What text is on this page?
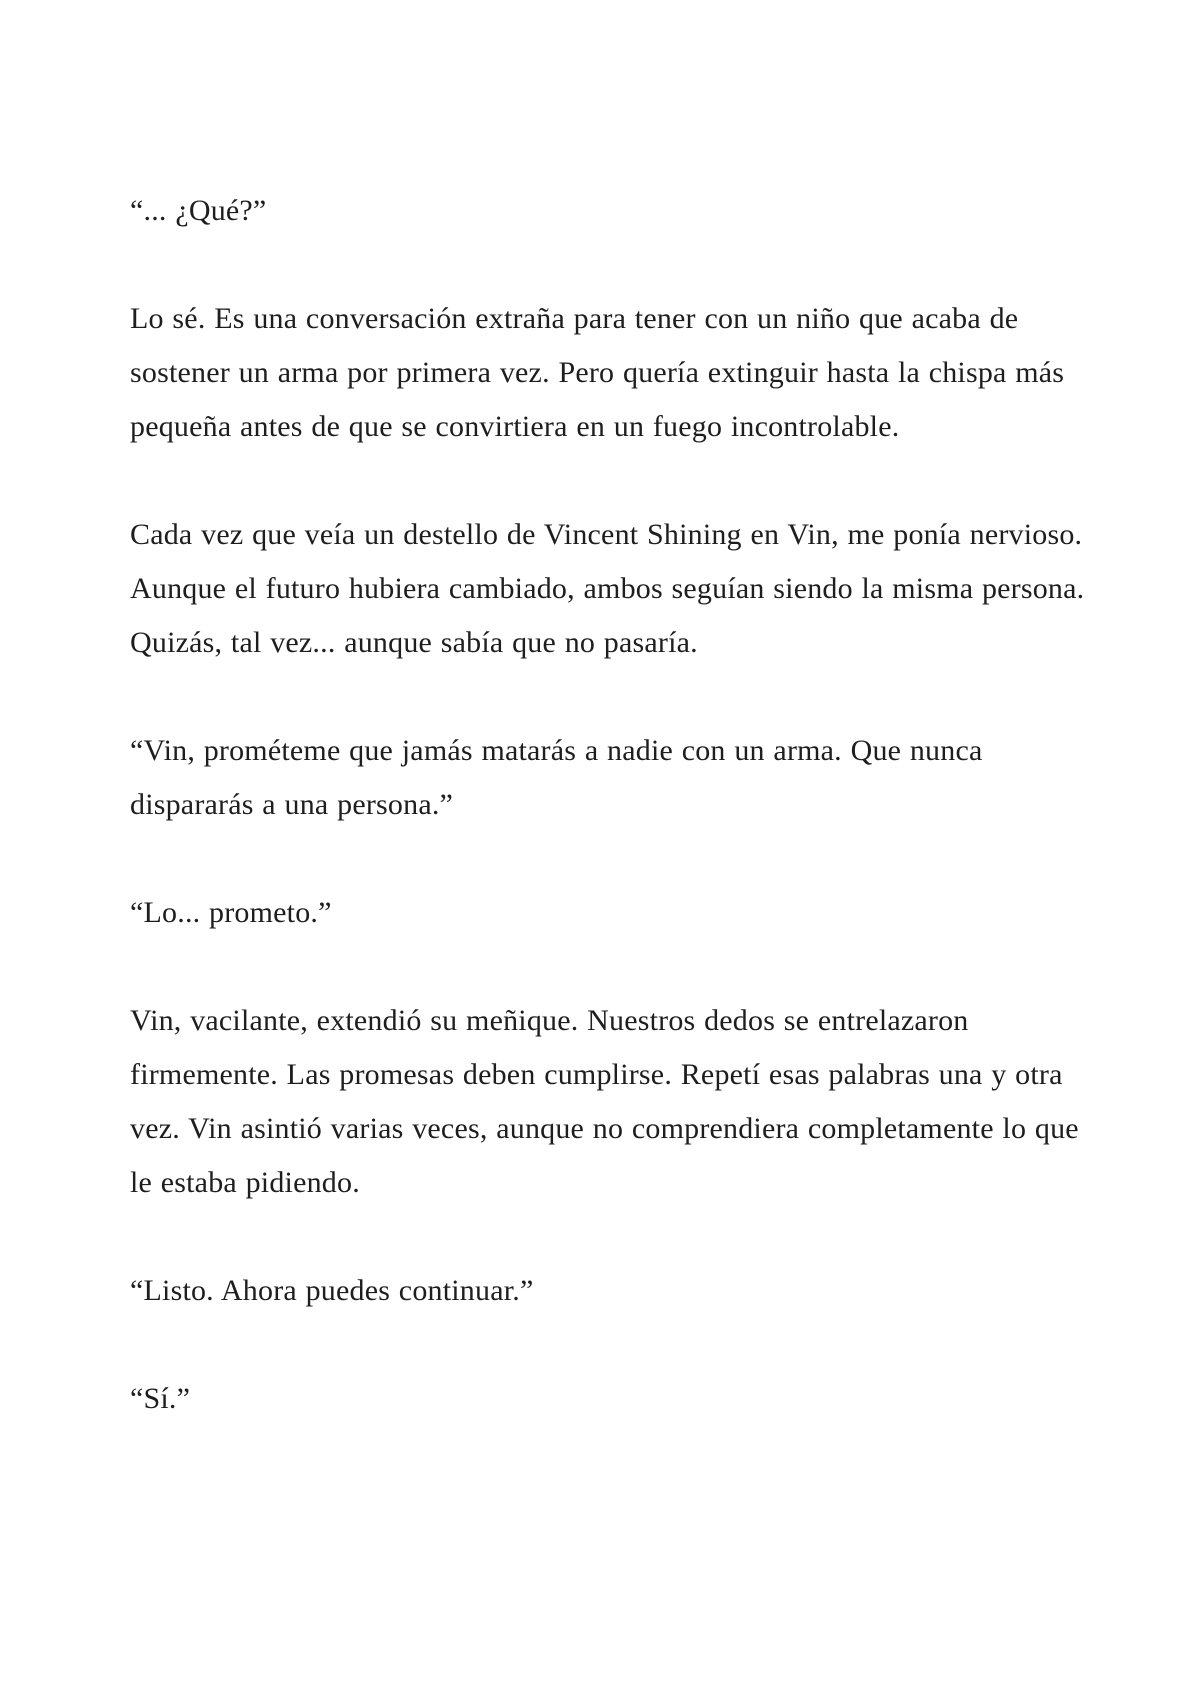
“... ¿Qué?”

Lo sé. Es una conversación extraña para tener con un niño que acaba de sostener un arma por primera vez. Pero quería extinguir hasta la chispa más pequeña antes de que se convirtiera en un fuego incontrolable.

Cada vez que veía un destello de Vincent Shining en Vin, me ponía nervioso. Aunque el futuro hubiera cambiado, ambos seguían siendo la misma persona. Quizás, tal vez... aunque sabía que no pasaría.

“Vin, prométeme que jamás matarás a nadie con un arma. Que nunca dispararás a una persona.”

“Lo... prometo.”

Vin, vacilante, extendió su meñique. Nuestros dedos se entrelazaron firmemente. Las promesas deben cumplirse. Repetí esas palabras una y otra vez. Vin asintió varias veces, aunque no comprendiera completamente lo que le estaba pidiendo.

“Listo. Ahora puedes continuar.”

“Sí.”
